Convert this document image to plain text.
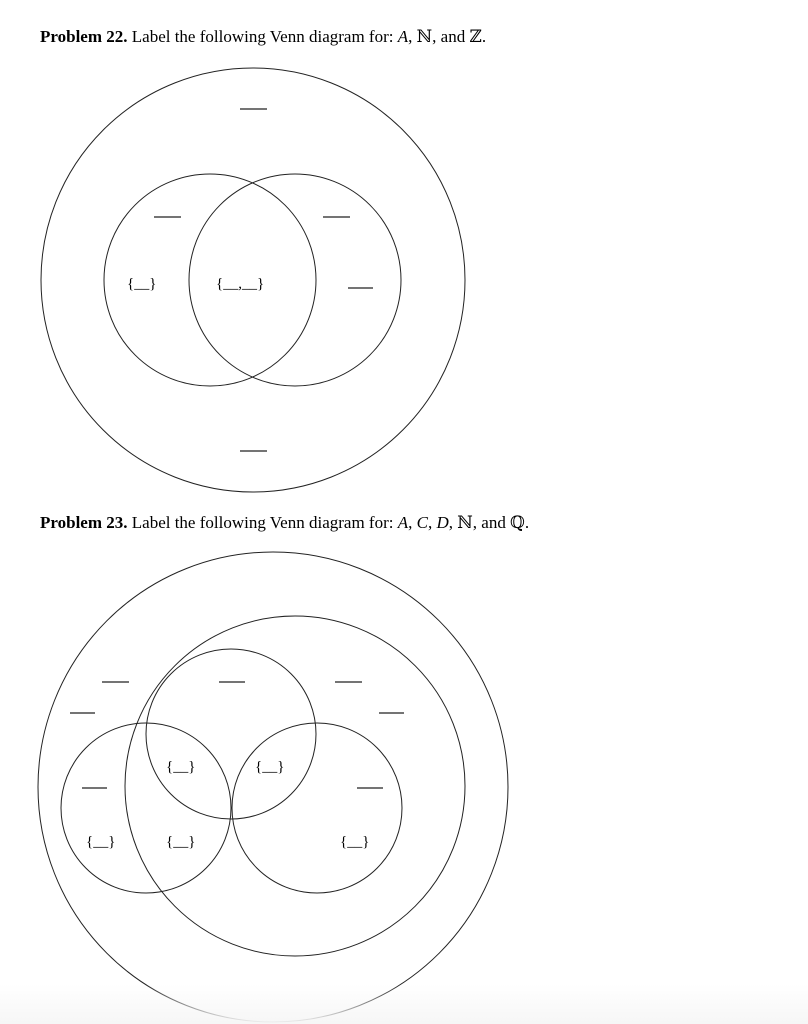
Problem 22. Label the following Venn diagram for: A, ℕ, and ℤ.
{__}	{__,__}
Problem 23. Label the following Venn diagram for: A, C, D, ℕ, and ℚ.
{__}	{__}
{__}	{__}	{__}
